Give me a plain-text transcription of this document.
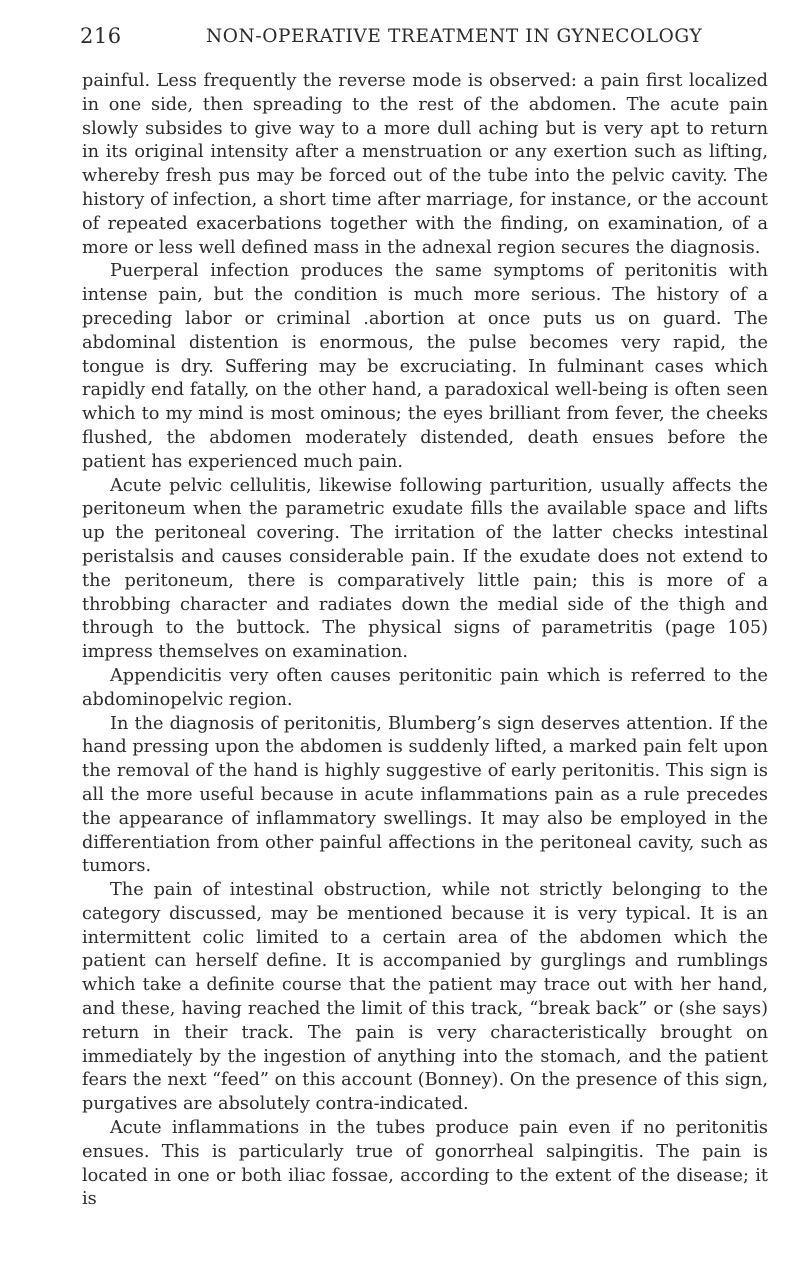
216	NON-OPERATIVE TREATMENT IN GYNECOLOGY

painful. Less frequently the reverse mode is observed: a pain first localized in one side, then spreading to the rest of the abdomen. The acute pain slowly subsides to give way to a more dull aching but is very apt to return in its original intensity after a menstruation or any exertion such as lifting, whereby fresh pus may be forced out of the tube into the pelvic cavity. The history of infection, a short time after marriage, for instance, or the account of repeated exacerbations together with the finding, on examination, of a more or less well defined mass in the adnexal region secures the diagnosis.

Puerperal infection produces the same symptoms of peritonitis with intense pain, but the condition is much more serious. The history of a preceding labor or criminal .abortion at once puts us on guard. The abdominal distention is enormous, the pulse becomes very rapid, the tongue is dry. Suffering may be excruciating. In fulminant cases which rapidly end fatally, on the other hand, a paradoxical well-being is often seen which to my mind is most ominous; the eyes brilliant from fever, the cheeks flushed, the abdomen moderately distended, death ensues before the patient has experienced much pain.

Acute pelvic cellulitis, likewise following parturition, usually affects the peritoneum when the parametric exudate fills the available space and lifts up the peritoneal covering. The irritation of the latter checks intestinal peristalsis and causes considerable pain. If the exudate does not extend to the peritoneum, there is comparatively little pain; this is more of a throbbing character and radiates down the medial side of the thigh and through to the buttock. The physical signs of parametritis (page 105) impress themselves on examination.

Appendicitis very often causes peritonitic pain which is referred to the abdominopelvic region.

In the diagnosis of peritonitis, Blumberg’s sign deserves attention. If the hand pressing upon the abdomen is suddenly lifted, a marked pain felt upon the removal of the hand is highly suggestive of early peritonitis. This sign is all the more useful because in acute inflammations pain as a rule precedes the appearance of inflammatory swellings. It may also be employed in the differentiation from other painful affections in the peritoneal cavity, such as tumors.

The pain of intestinal obstruction, while not strictly belonging to the category discussed, may be mentioned because it is very typical. It is an intermittent colic limited to a certain area of the abdomen which the patient can herself define. It is accompanied by gurglings and rumblings which take a definite course that the patient may trace out with her hand, and these, having reached the limit of this track, “break back” or (she says) return in their track. The pain is very characteristically brought on immediately by the ingestion of anything into the stomach, and the patient fears the next “feed” on this account (Bonney). On the presence of this sign, purgatives are absolutely contra-indicated.

Acute inflammations in the tubes produce pain even if no peritonitis ensues. This is particularly true of gonorrheal salpingitis. The pain is located in one or both iliac fossae, according to the extent of the disease; it is
